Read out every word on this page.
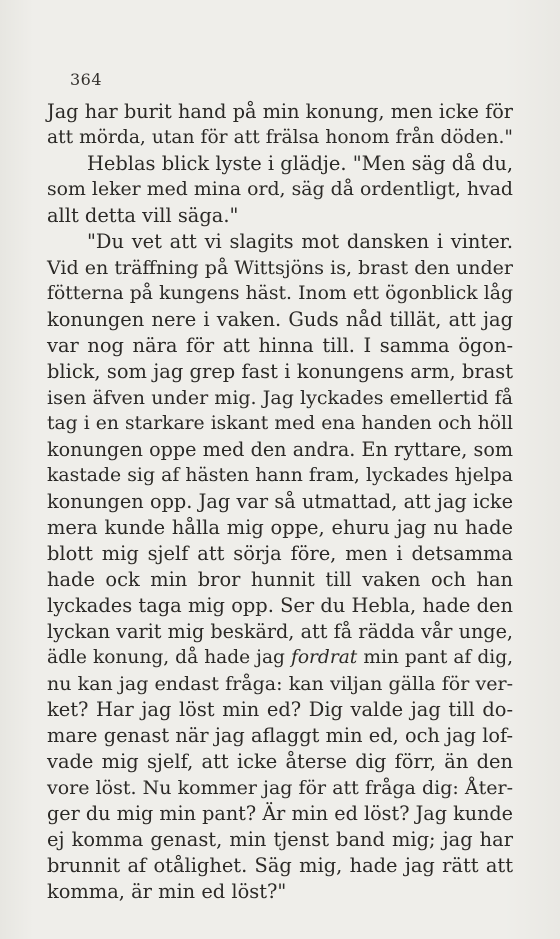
364
Jag har burit hand på min konung, men icke för
att mörda, utan för att frälsa honom från döden."
Heblas blick lyste i glädje. "Men säg då du,
som leker med mina ord, säg då ordentligt, hvad
allt detta vill säga."
"Du vet att vi slagits mot dansken i vinter.
Vid en träffning på Wittsjöns is, brast den under
fötterna på kungens häst. Inom ett ögonblick låg
konungen nere i vaken. Guds nåd tillät, att jag
var nog nära för att hinna till. I samma ögon-
blick, som jag grep fast i konungens arm, brast
isen äfven under mig. Jag lyckades emellertid få
tag i en starkare iskant med ena handen och höll
konungen oppe med den andra. En ryttare, som
kastade sig af hästen hann fram, lyckades hjelpa
konungen opp. Jag var så utmattad, att jag icke
mera kunde hålla mig oppe, ehuru jag nu hade
blott mig sjelf att sörja före, men i detsamma
hade ock min bror hunnit till vaken och han
lyckades taga mig opp. Ser du Hebla, hade den
lyckan varit mig beskärd, att få rädda vår unge,
ädle konung, då hade jag fordrat min pant af dig,
nu kan jag endast fråga: kan viljan gälla för ver-
ket? Har jag löst min ed? Dig valde jag till do-
mare genast när jag aflaggt min ed, och jag lof-
vade mig sjelf, att icke återse dig förr, än den
vore löst. Nu kommer jag för att fråga dig: Åter-
ger du mig min pant? Är min ed löst? Jag kunde
ej komma genast, min tjenst band mig; jag har
brunnit af otålighet. Säg mig, hade jag rätt att
komma, är min ed löst?"
